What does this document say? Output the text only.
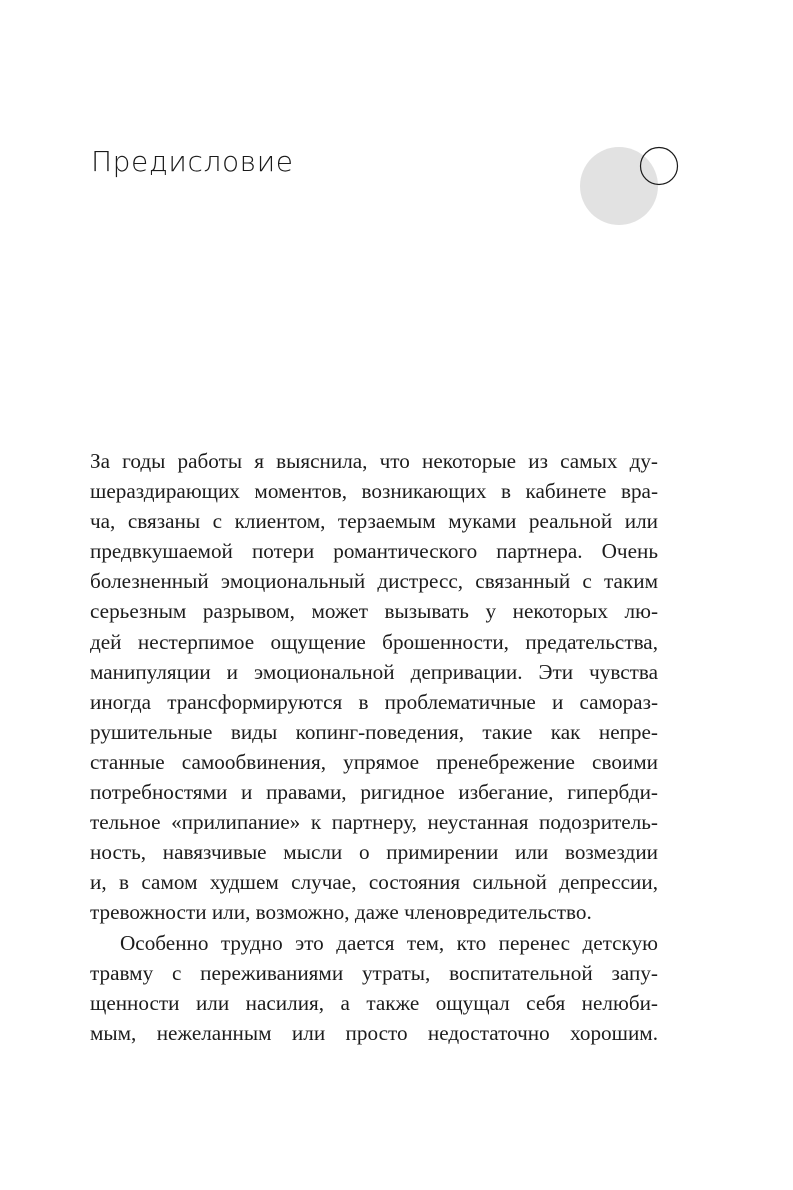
Предисловие
За годы работы я выяснила, что некоторые из самых ду-
шераздирающих моментов, возникающих в кабинете вра-
ча, связаны с клиентом, терзаемым муками реальной или
предвкушаемой потери романтического партнера. Очень
болезненный эмоциональный дистресс, связанный с таким
серьезным разрывом, может вызывать у некоторых лю-
дей нестерпимое ощущение брошенности, предательства,
манипуляции и эмоциональной депривации. Эти чувства
иногда трансформируются в проблематичные и самораз-
рушительные виды копинг-поведения, такие как непре-
станные самообвинения, упрямое пренебрежение своими
потребностями и правами, ригидное избегание, гипербди-
тельное «прилипание» к партнеру, неустанная подозритель-
ность, навязчивые мысли о примирении или возмездии
и, в самом худшем случае, состояния сильной депрессии,
тревожности или, возможно, даже членовредительство.
Особенно трудно это дается тем, кто перенес детскую
травму с переживаниями утраты, воспитательной запу-
щенности или насилия, а также ощущал себя нелюби-
мым, нежеланным или просто недостаточно хорошим.
